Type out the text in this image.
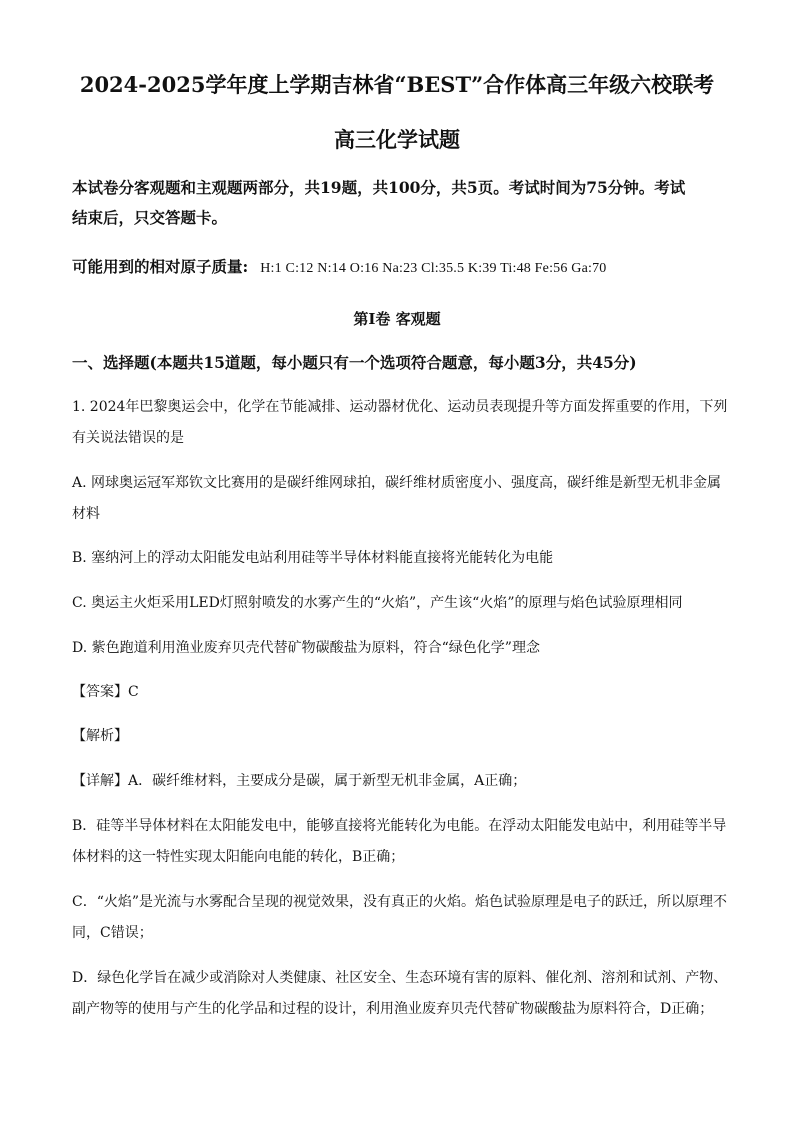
2024-2025学年度上学期吉林省“BEST”合作体高三年级六校联考
高三化学试题
本试卷分客观题和主观题两部分，共19题，共100分，共5页。考试时间为75分钟。考试
结束后，只交答题卡。
可能用到的相对原子质量: H:1 C:12 N:14 O:16 Na:23 Cl:35.5 K:39 Ti:48 Fe:56 Ga:70
第Ⅰ卷 客观题
一、选择题(本题共15道题，每小题只有一个选项符合题意，每小题3分，共45分)
1. 2024年巴黎奥运会中，化学在节能减排、运动器材优化、运动员表现提升等方面发挥重要的作用，下列
有关说法错误的是
A. 网球奥运冠军郑钦文比赛用的是碳纤维网球拍，碳纤维材质密度小、强度高，碳纤维是新型无机非金属
材料
B. 塞纳河上的浮动太阳能发电站利用硅等半导体材料能直接将光能转化为电能
C. 奥运主火炬采用LED灯照射喷发的水雾产生的“火焰”，产生该“火焰”的原理与焰色试验原理相同
D. 紫色跑道利用渔业废弃贝壳代替矿物碳酸盐为原料，符合“绿色化学”理念
【答案】C
【解析】
【详解】A．碳纤维材料，主要成分是碳，属于新型无机非金属，A正确；
B．硅等半导体材料在太阳能发电中，能够直接将光能转化为电能。在浮动太阳能发电站中，利用硅等半导
体材料的这一特性实现太阳能向电能的转化，B正确；
C．“火焰”是光流与水雾配合呈现的视觉效果，没有真正的火焰。焰色试验原理是电子的跃迁，所以原理不
同，C错误；
D．绿色化学旨在减少或消除对人类健康、社区安全、生态环境有害的原料、催化剂、溶剂和试剂、产物、
副产物等的使用与产生的化学品和过程的设计，利用渔业废弃贝壳代替矿物碳酸盐为原料符合，D正确；
